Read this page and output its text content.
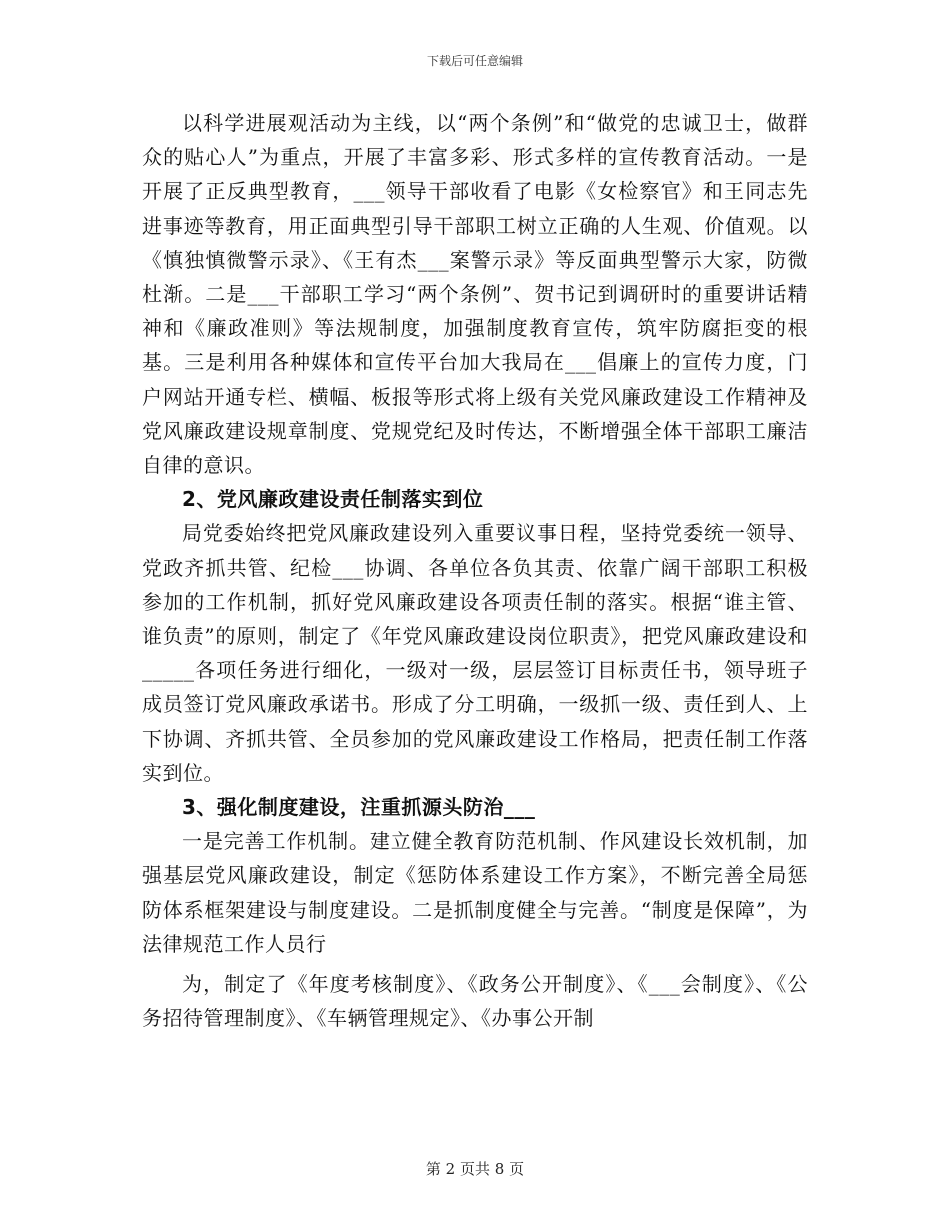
下载后可任意编辑

以科学进展观活动为主线，以“两个条例”和“做党的忠诚卫士，做群众的贴心人”为重点，开展了丰富多彩、形式多样的宣传教育活动。一是开展了正反典型教育，___领导干部收看了电影《女检察官》和王同志先进事迹等教育，用正面典型引导干部职工树立正确的人生观、价值观。以《慎独慎微警示录》、《王有杰___案警示录》等反面典型警示大家，防微杜渐。二是___干部职工学习“两个条例”、贺书记到调研时的重要讲话精神和《廉政准则》等法规制度，加强制度教育宣传，筑牢防腐拒变的根基。三是利用各种媒体和宣传平台加大我局在___倡廉上的宣传力度，门户网站开通专栏、横幅、板报等形式将上级有关党风廉政建设工作精神及党风廉政建设规章制度、党规党纪及时传达，不断增强全体干部职工廉洁自律的意识。

2、党风廉政建设责任制落实到位

局党委始终把党风廉政建设列入重要议事日程，坚持党委统一领导、党政齐抓共管、纪检___协调、各单位各负其责、依靠广阔干部职工积极参加的工作机制，抓好党风廉政建设各项责任制的落实。根据“谁主管、谁负责”的原则，制定了《年党风廉政建设岗位职责》，把党风廉政建设和_____各项任务进行细化，一级对一级，层层签订目标责任书，领导班子成员签订党风廉政承诺书。形成了分工明确，一级抓一级、责任到人、上下协调、齐抓共管、全员参加的党风廉政建设工作格局，把责任制工作落实到位。

3、强化制度建设，注重抓源头防治___

一是完善工作机制。建立健全教育防范机制、作风建设长效机制，加强基层党风廉政建设，制定《惩防体系建设工作方案》，不断完善全局惩防体系框架建设与制度建设。二是抓制度健全与完善。“制度是保障”，为法律规范工作人员行

为，制定了《年度考核制度》、《政务公开制度》、《___会制度》、《公务招待管理制度》、《车辆管理规定》、《办事公开制

第 2 页共 8 页
